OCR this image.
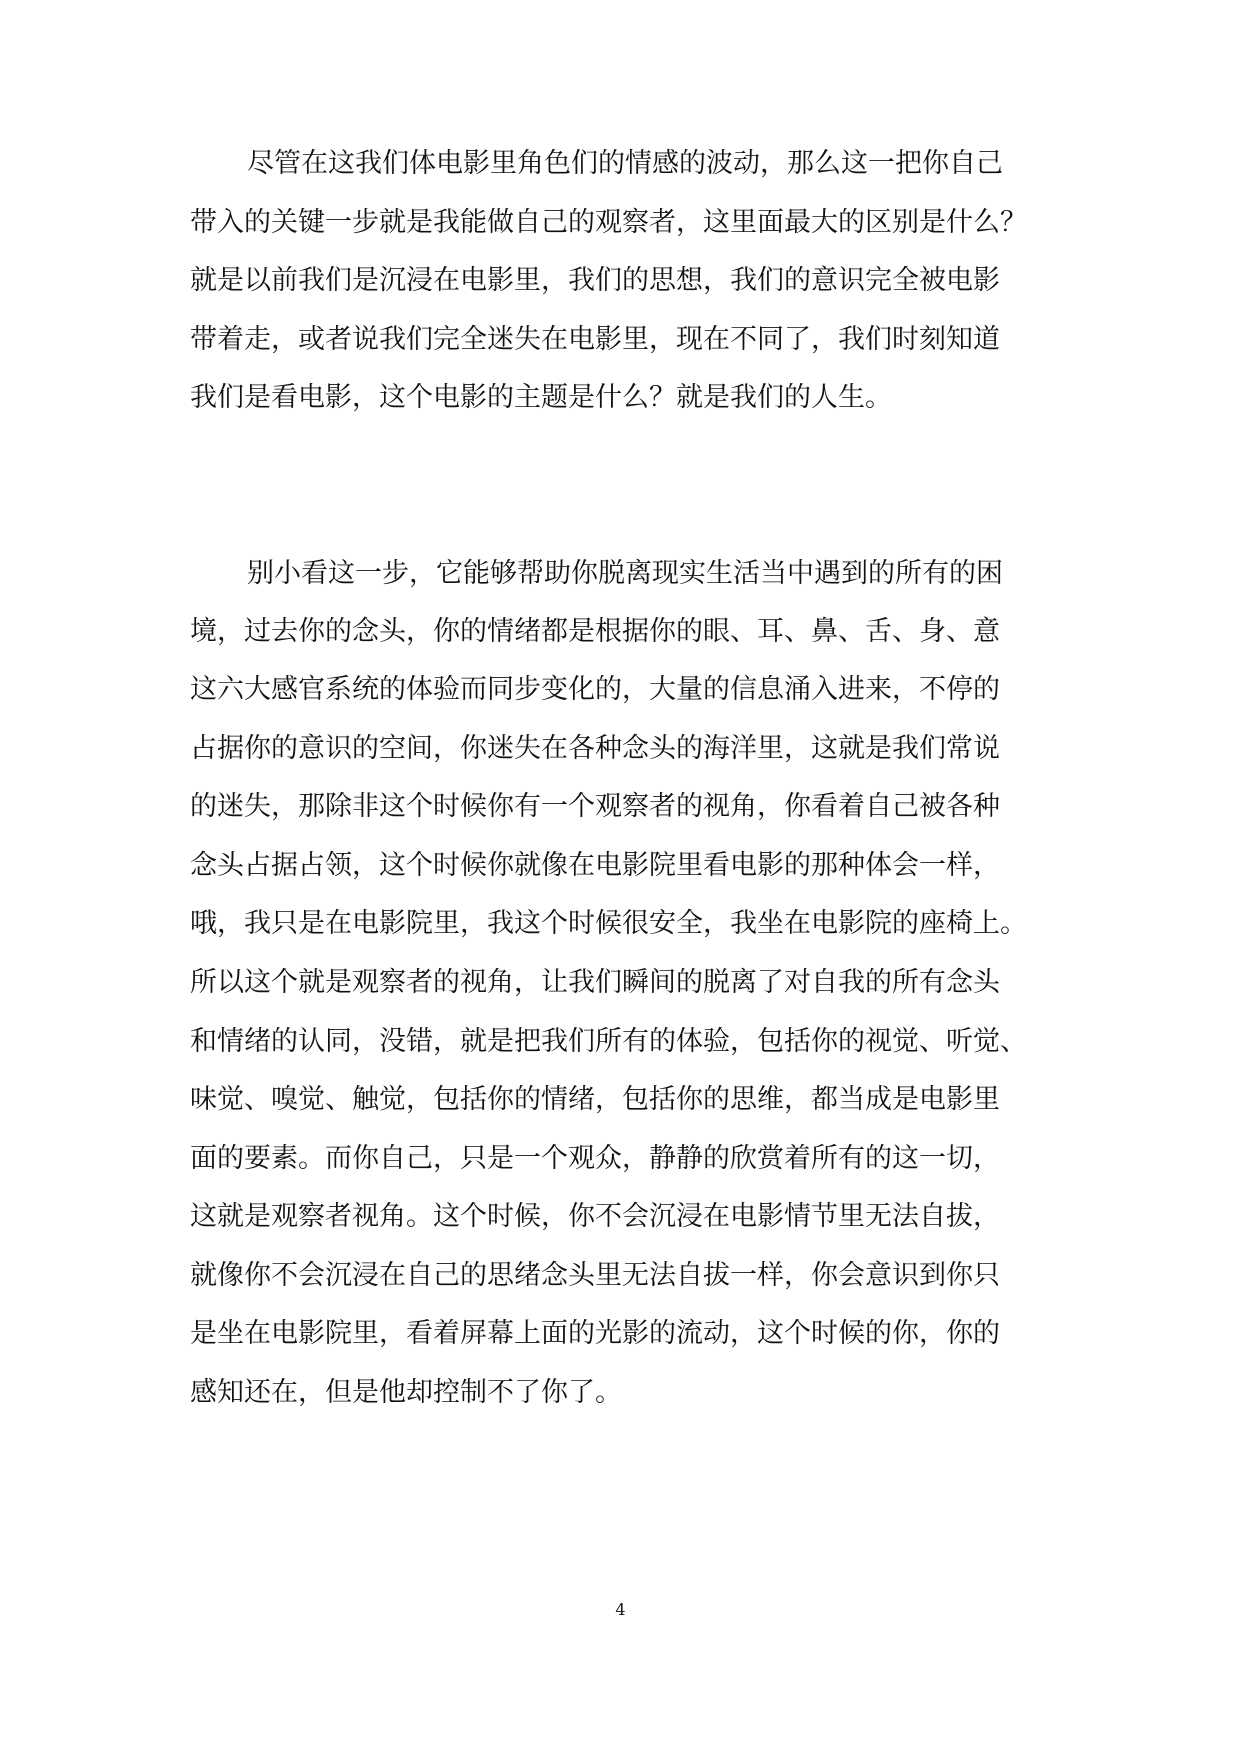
尽管在这我们体电影里角色们的情感的波动，那么这一把你自己
带入的关键一步就是我能做自己的观察者，这里面最大的区别是什么？
就是以前我们是沉浸在电影里，我们的思想，我们的意识完全被电影
带着走，或者说我们完全迷失在电影里，现在不同了，我们时刻知道
我们是看电影，这个电影的主题是什么？就是我们的人生。
别小看这一步，它能够帮助你脱离现实生活当中遇到的所有的困
境，过去你的念头，你的情绪都是根据你的眼、耳、鼻、舌、身、意
这六大感官系统的体验而同步变化的，大量的信息涌入进来，不停的
占据你的意识的空间，你迷失在各种念头的海洋里，这就是我们常说
的迷失，那除非这个时候你有一个观察者的视角，你看着自己被各种
念头占据占领，这个时候你就像在电影院里看电影的那种体会一样，
哦，我只是在电影院里，我这个时候很安全，我坐在电影院的座椅上。
所以这个就是观察者的视角，让我们瞬间的脱离了对自我的所有念头
和情绪的认同，没错，就是把我们所有的体验，包括你的视觉、听觉、
味觉、嗅觉、触觉，包括你的情绪，包括你的思维，都当成是电影里
面的要素。而你自己，只是一个观众，静静的欣赏着所有的这一切，
这就是观察者视角。这个时候，你不会沉浸在电影情节里无法自拔，
就像你不会沉浸在自己的思绪念头里无法自拔一样，你会意识到你只
是坐在电影院里，看着屏幕上面的光影的流动，这个时候的你，你的
感知还在，但是他却控制不了你了。
4
